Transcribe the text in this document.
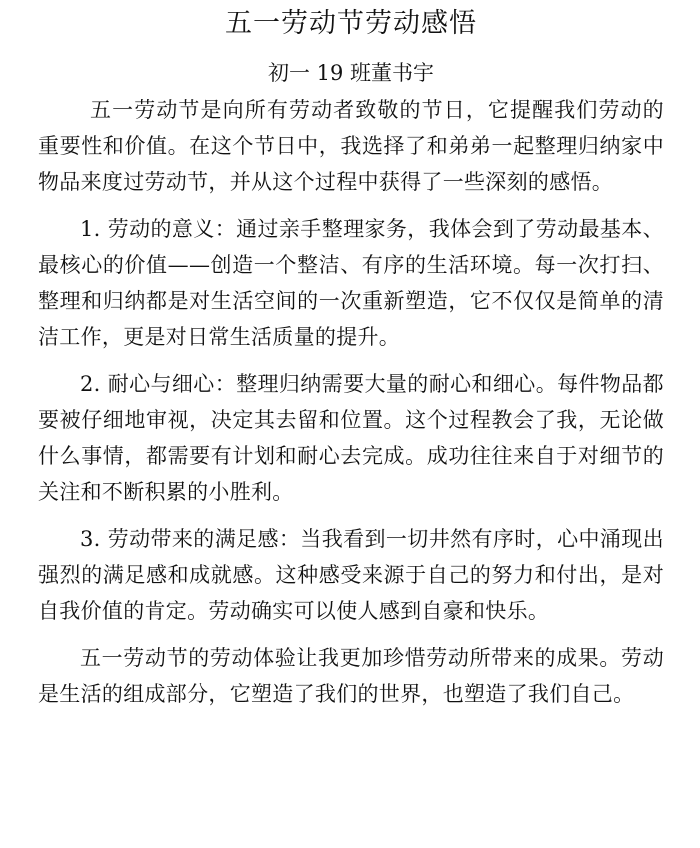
五一劳动节劳动感悟
初一 19 班董书宇

五一劳动节是向所有劳动者致敬的节日，它提醒我们劳动的重要性和价值。在这个节日中，我选择了和弟弟一起整理归纳家中物品来度过劳动节，并从这个过程中获得了一些深刻的感悟。

1. 劳动的意义：通过亲手整理家务，我体会到了劳动最基本、最核心的价值——创造一个整洁、有序的生活环境。每一次打扫、整理和归纳都是对生活空间的一次重新塑造，它不仅仅是简单的清洁工作，更是对日常生活质量的提升。

2. 耐心与细心：整理归纳需要大量的耐心和细心。每件物品都要被仔细地审视，决定其去留和位置。这个过程教会了我，无论做什么事情，都需要有计划和耐心去完成。成功往往来自于对细节的关注和不断积累的小胜利。

3. 劳动带来的满足感：当我看到一切井然有序时，心中涌现出强烈的满足感和成就感。这种感受来源于自己的努力和付出，是对自我价值的肯定。劳动确实可以使人感到自豪和快乐。

五一劳动节的劳动体验让我更加珍惜劳动所带来的成果。劳动是生活的组成部分，它塑造了我们的世界，也塑造了我们自己。
